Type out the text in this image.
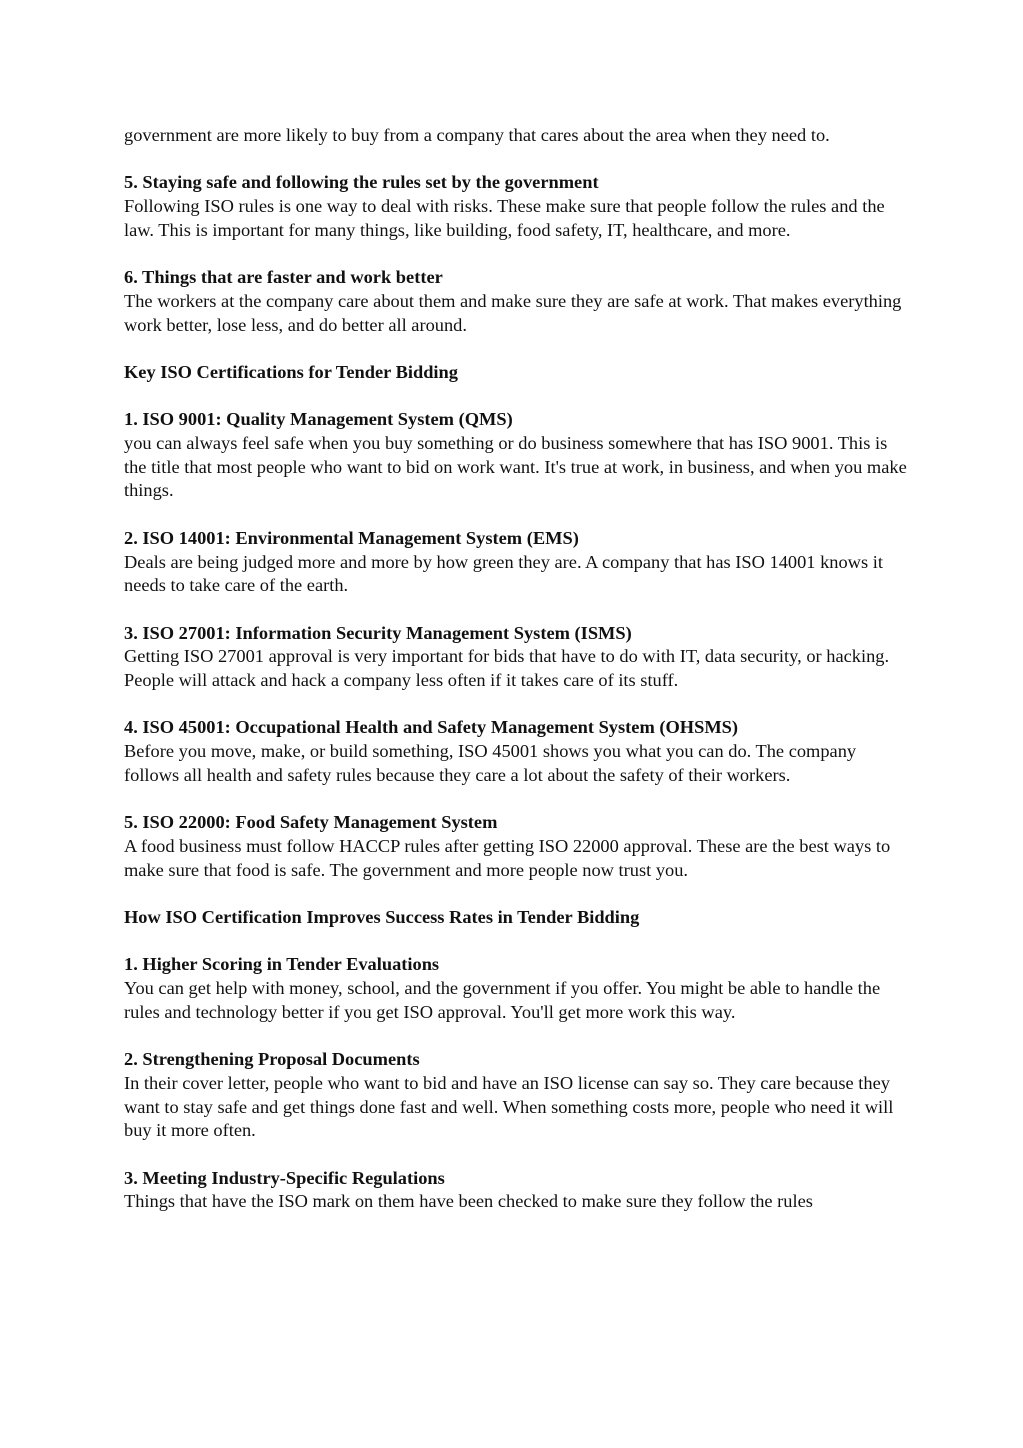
government are more likely to buy from a company that cares about the area when they need to.

5. Staying safe and following the rules set by the government

Following ISO rules is one way to deal with risks. These make sure that people follow the rules and the law. This is important for many things, like building, food safety, IT, healthcare, and more.

6. Things that are faster and work better

The workers at the company care about them and make sure they are safe at work. That makes everything work better, lose less, and do better all around.

Key ISO Certifications for Tender Bidding
1. ISO 9001: Quality Management System (QMS)

you can always feel safe when you buy something or do business somewhere that has ISO 9001. This is the title that most people who want to bid on work want. It's true at work, in business, and when you make things.

2. ISO 14001: Environmental Management System (EMS)

Deals are being judged more and more by how green they are. A company that has ISO 14001 knows it needs to take care of the earth.

3. ISO 27001: Information Security Management System (ISMS)

Getting ISO 27001 approval is very important for bids that have to do with IT, data security, or hacking. People will attack and hack a company less often if it takes care of its stuff.

4. ISO 45001: Occupational Health and Safety Management System (OHSMS)

Before you move, make, or build something, ISO 45001 shows you what you can do. The company follows all health and safety rules because they care a lot about the safety of their workers.

5. ISO 22000: Food Safety Management System

A food business must follow HACCP rules after getting ISO 22000 approval. These are the best ways to make sure that food is safe. The government and more people now trust you.

How ISO Certification Improves Success Rates in Tender Bidding
1. Higher Scoring in Tender Evaluations

You can get help with money, school, and the government if you offer. You might be able to handle the rules and technology better if you get ISO approval. You'll get more work this way.

2. Strengthening Proposal Documents

In their cover letter, people who want to bid and have an ISO license can say so. They care because they want to stay safe and get things done fast and well. When something costs more, people who need it will buy it more often.

3. Meeting Industry-Specific Regulations

Things that have the ISO mark on them have been checked to make sure they follow the rules
